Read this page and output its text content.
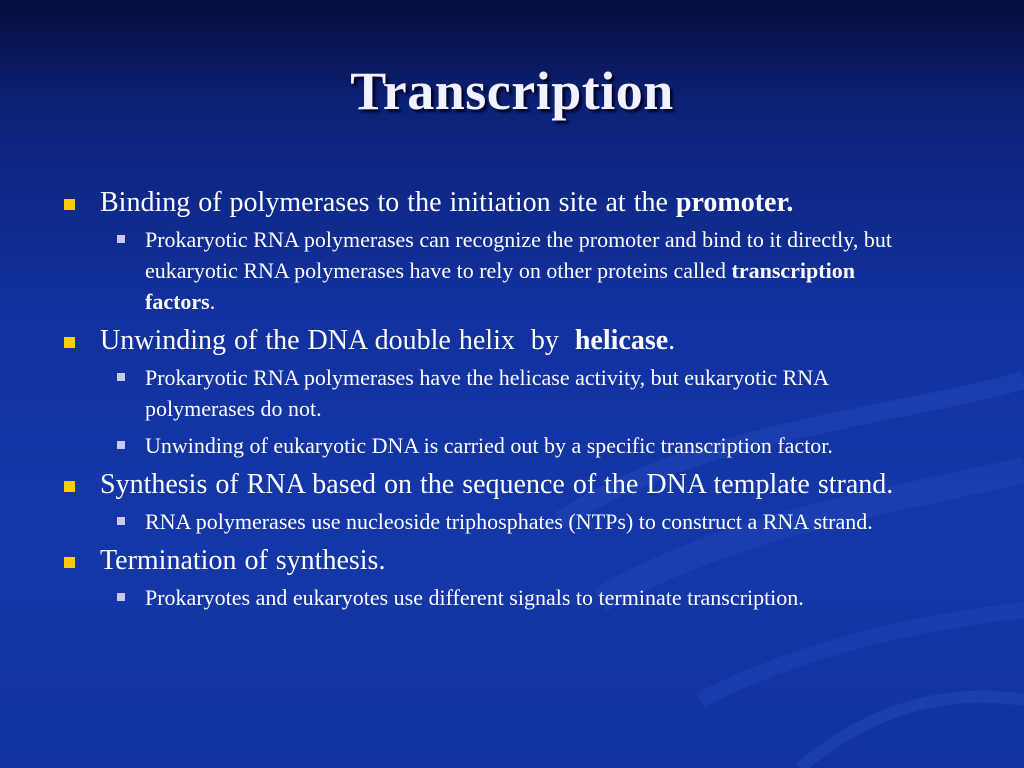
Transcription
Binding of polymerases to the initiation site at the promoter.
Prokaryotic RNA polymerases can recognize the promoter and bind to it directly, but eukaryotic RNA polymerases have to rely on other proteins called transcription factors.
Unwinding of the DNA double helix  by  helicase.
Prokaryotic RNA polymerases have the helicase activity, but eukaryotic RNA polymerases do not.
Unwinding of eukaryotic DNA is carried out by a specific transcription factor.
Synthesis of RNA based on the sequence of the DNA template strand.
RNA polymerases use nucleoside triphosphates (NTPs) to construct a RNA strand.
Termination of synthesis.
Prokaryotes and eukaryotes use different signals to terminate transcription.
